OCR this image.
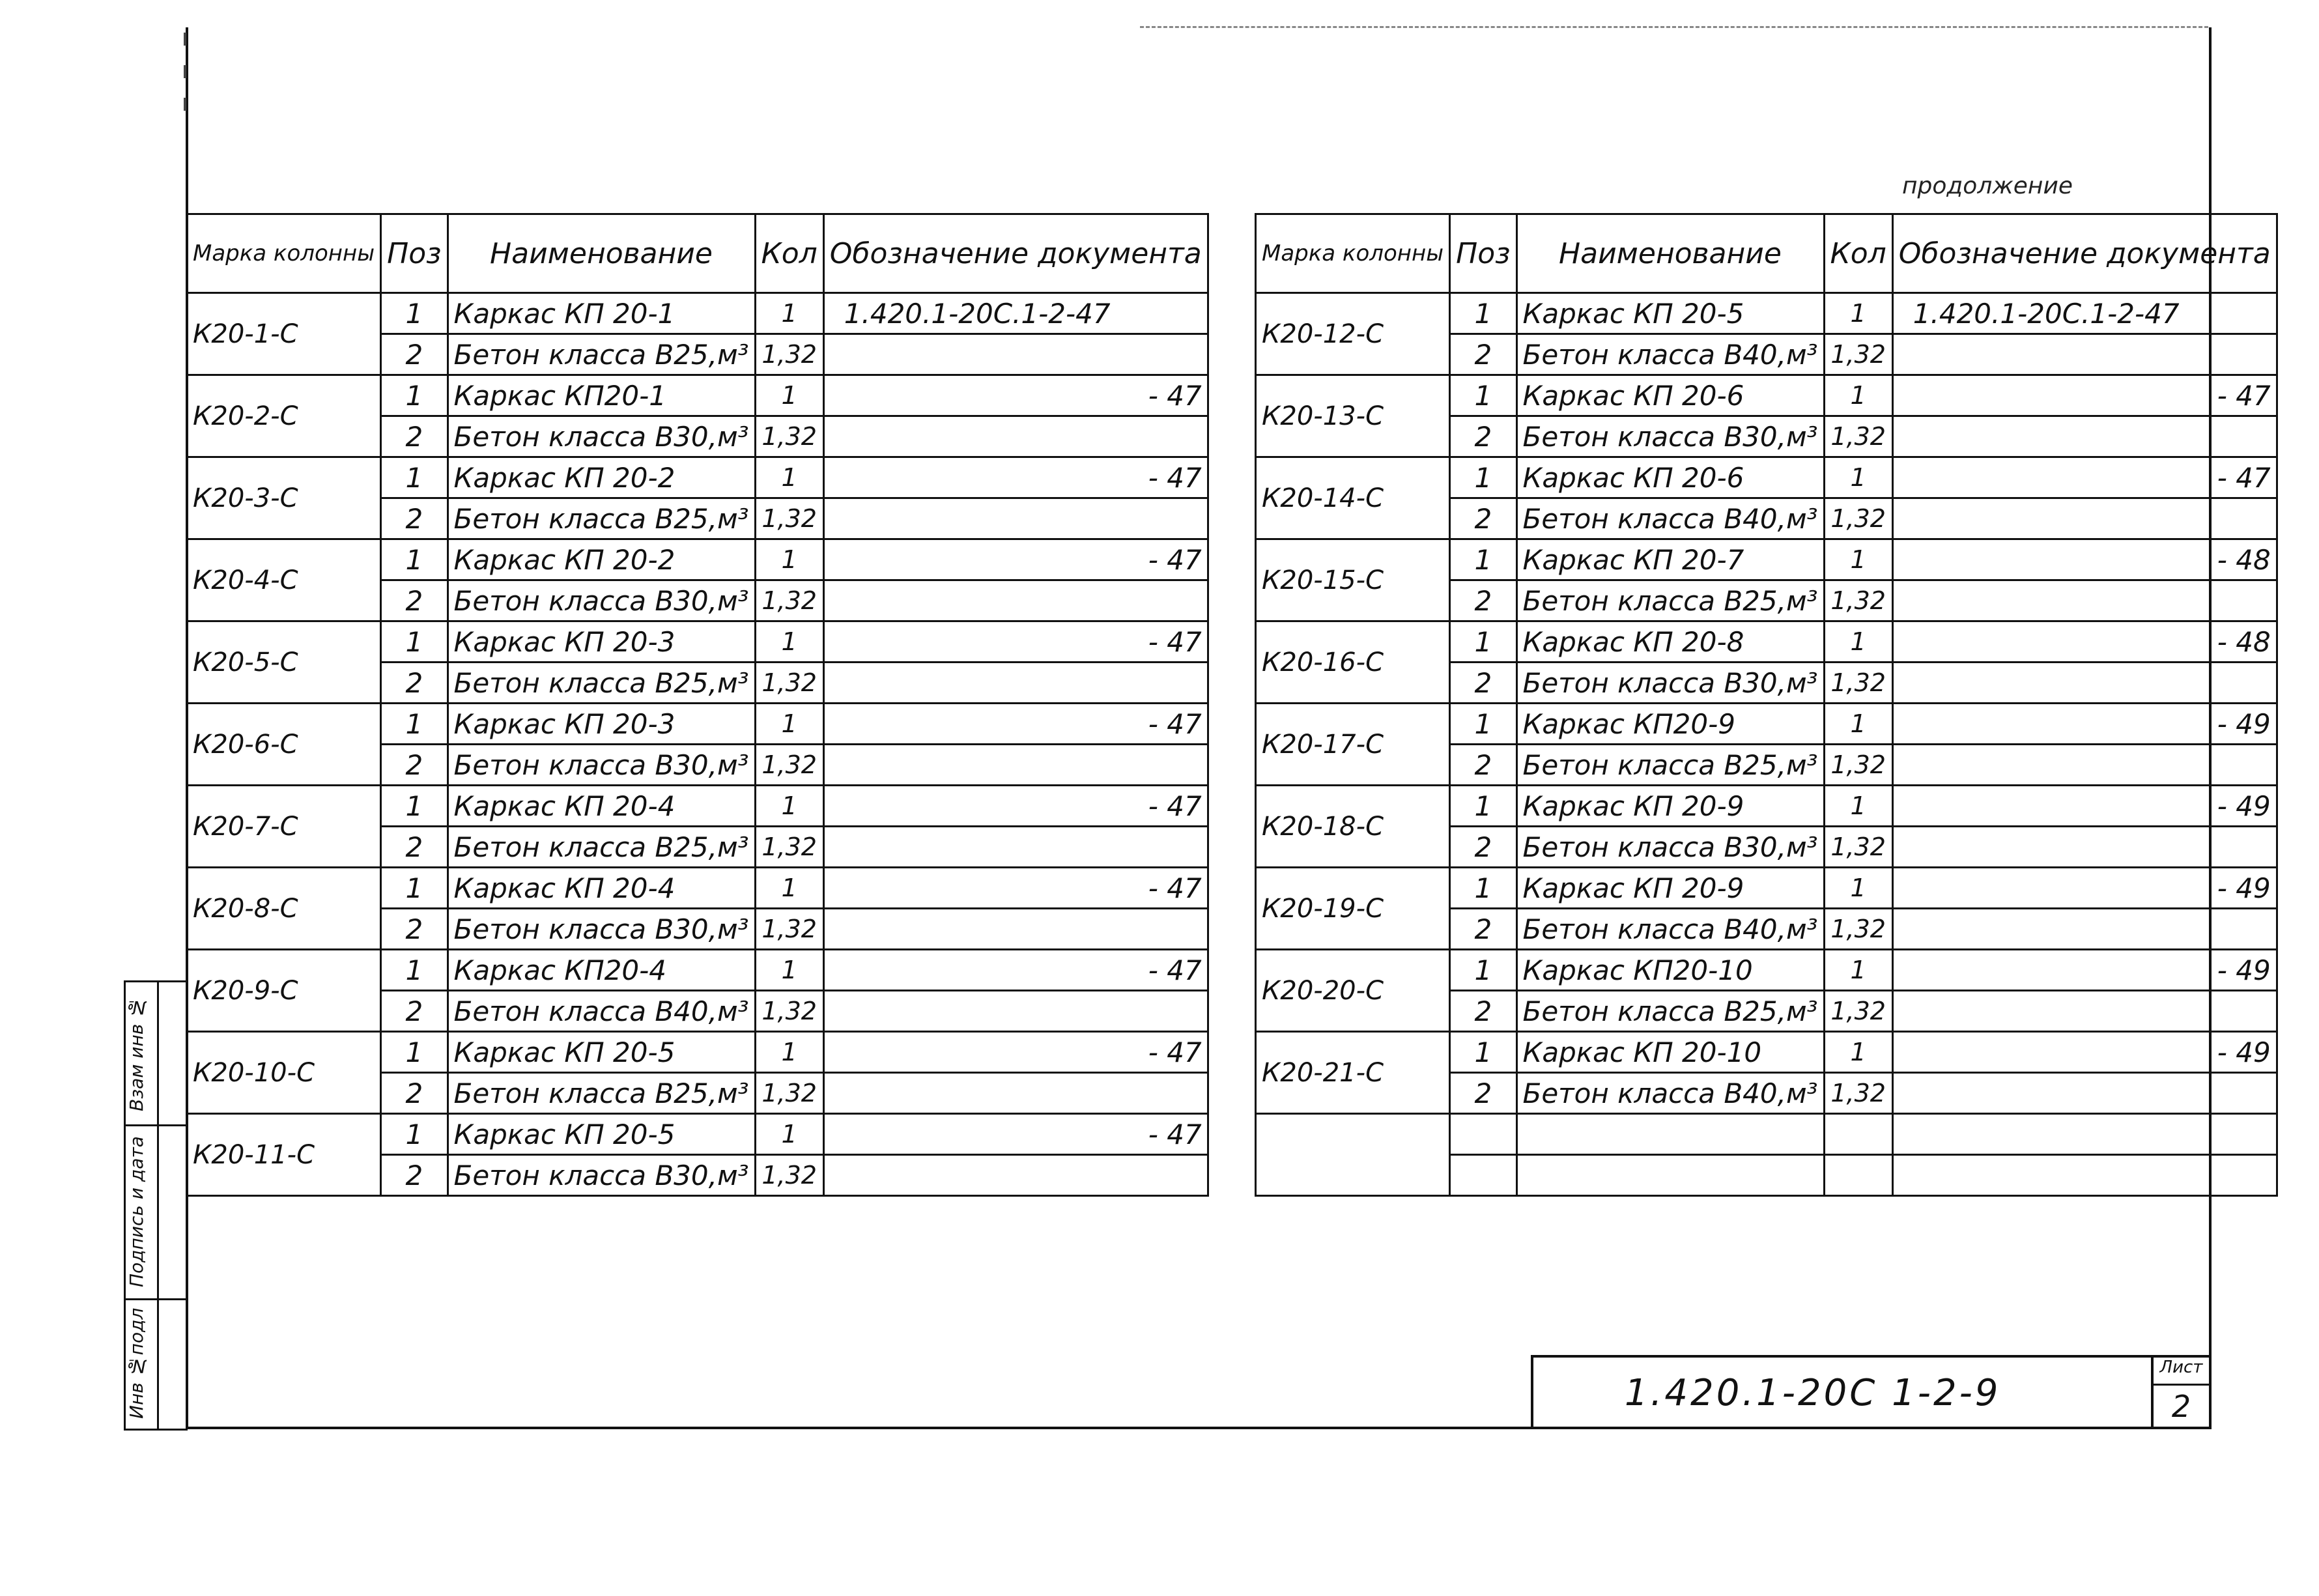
продолжение
Марка колонны	Поз	Наименование	Кол	Обозначение документа
К20-1-С	1	Каркас КП 20-1	1	1.420.1-20С.1-2-47
	2	Бетон класса В25,м³	1,32	
К20-2-С	1	Каркас КП20-1	1	- 47
	2	Бетон класса В30,м³	1,32	
К20-3-С	1	Каркас КП 20-2	1	- 47
	2	Бетон класса В25,м³	1,32	
К20-4-С	1	Каркас КП 20-2	1	- 47
	2	Бетон класса В30,м³	1,32	
К20-5-С	1	Каркас КП 20-3	1	- 47
	2	Бетон класса В25,м³	1,32	
К20-6-С	1	Каркас КП 20-3	1	- 47
	2	Бетон класса В30,м³	1,32	
К20-7-С	1	Каркас КП 20-4	1	- 47
	2	Бетон класса В25,м³	1,32	
К20-8-С	1	Каркас КП 20-4	1	- 47
	2	Бетон класса В30,м³	1,32	
К20-9-С	1	Каркас КП20-4	1	- 47
	2	Бетон класса В40,м³	1,32	
К20-10-С	1	Каркас КП 20-5	1	- 47
	2	Бетон класса В25,м³	1,32	
К20-11-С	1	Каркас КП 20-5	1	- 47
	2	Бетон класса В30,м³	1,32	
Марка колонны	Поз	Наименование	Кол	Обозначение документа
К20-12-С	1	Каркас КП 20-5	1	1.420.1-20С.1-2-47
	2	Бетон класса В40,м³	1,32	
К20-13-С	1	Каркас КП 20-6	1	- 47
	2	Бетон класса В30,м³	1,32	
К20-14-С	1	Каркас КП 20-6	1	- 47
	2	Бетон класса В40,м³	1,32	
К20-15-С	1	Каркас КП 20-7	1	- 48
	2	Бетон класса В25,м³	1,32	
К20-16-С	1	Каркас КП 20-8	1	- 48
	2	Бетон класса В30,м³	1,32	
К20-17-С	1	Каркас КП20-9	1	- 49
	2	Бетон класса В25,м³	1,32	
К20-18-С	1	Каркас КП 20-9	1	- 49
	2	Бетон класса В30,м³	1,32	
К20-19-С	1	Каркас КП 20-9	1	- 49
	2	Бетон класса В40,м³	1,32	
К20-20-С	1	Каркас КП20-10	1	- 49
	2	Бетон класса В25,м³	1,32	
К20-21-С	1	Каркас КП 20-10	1	- 49
	2	Бетон класса В40,м³	1,32	

Взам инв №
Подпись и дата
Инв №подл	1.420.1-20С 1-2-9
Лист
2
